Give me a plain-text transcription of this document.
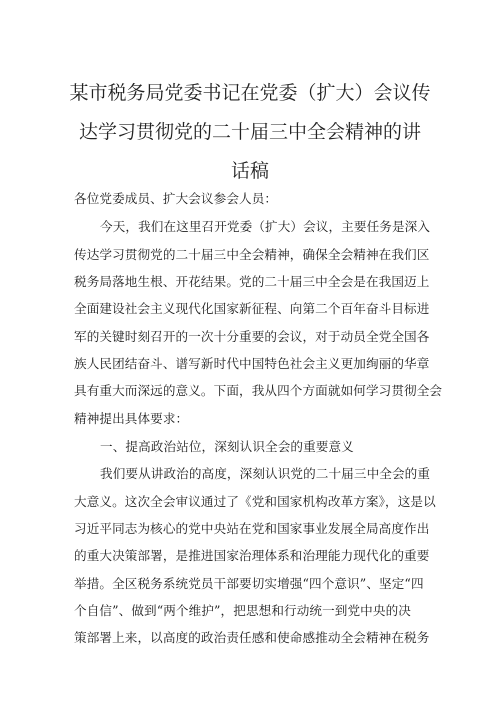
某市税务局党委书记在党委（扩大）会议传
达学习贯彻党的二十届三中全会精神的讲
话稿

各位党委成员、扩大会议参会人员：

今天，我们在这里召开党委（扩大）会议，主要任务是深入

传达学习贯彻党的二十届三中全会精神，确保全会精神在我们区

税务局落地生根、开花结果。党的二十届三中全会是在我国迈上

全面建设社会主义现代化国家新征程、向第二个百年奋斗目标进

军的关键时刻召开的一次十分重要的会议，对于动员全党全国各

族人民团结奋斗、谱写新时代中国特色社会主义更加绚丽的华章

具有重大而深远的意义。下面，我从四个方面就如何学习贯彻全会

精神提出具体要求：

一、提高政治站位，深刻认识全会的重要意义

我们要从讲政治的高度，深刻认识党的二十届三中全会的重

大意义。这次全会审议通过了《党和国家机构改革方案》，这是以

习近平同志为核心的党中央站在党和国家事业发展全局高度作出

的重大决策部署，是推进国家治理体系和治理能力现代化的重要

举措。全区税务系统党员干部要切实增强“四个意识”、坚定“四

个自信”、做到“两个维护”，把思想和行动统一到党中央的决

策部署上来，以高度的政治责任感和使命感推动全会精神在税务
